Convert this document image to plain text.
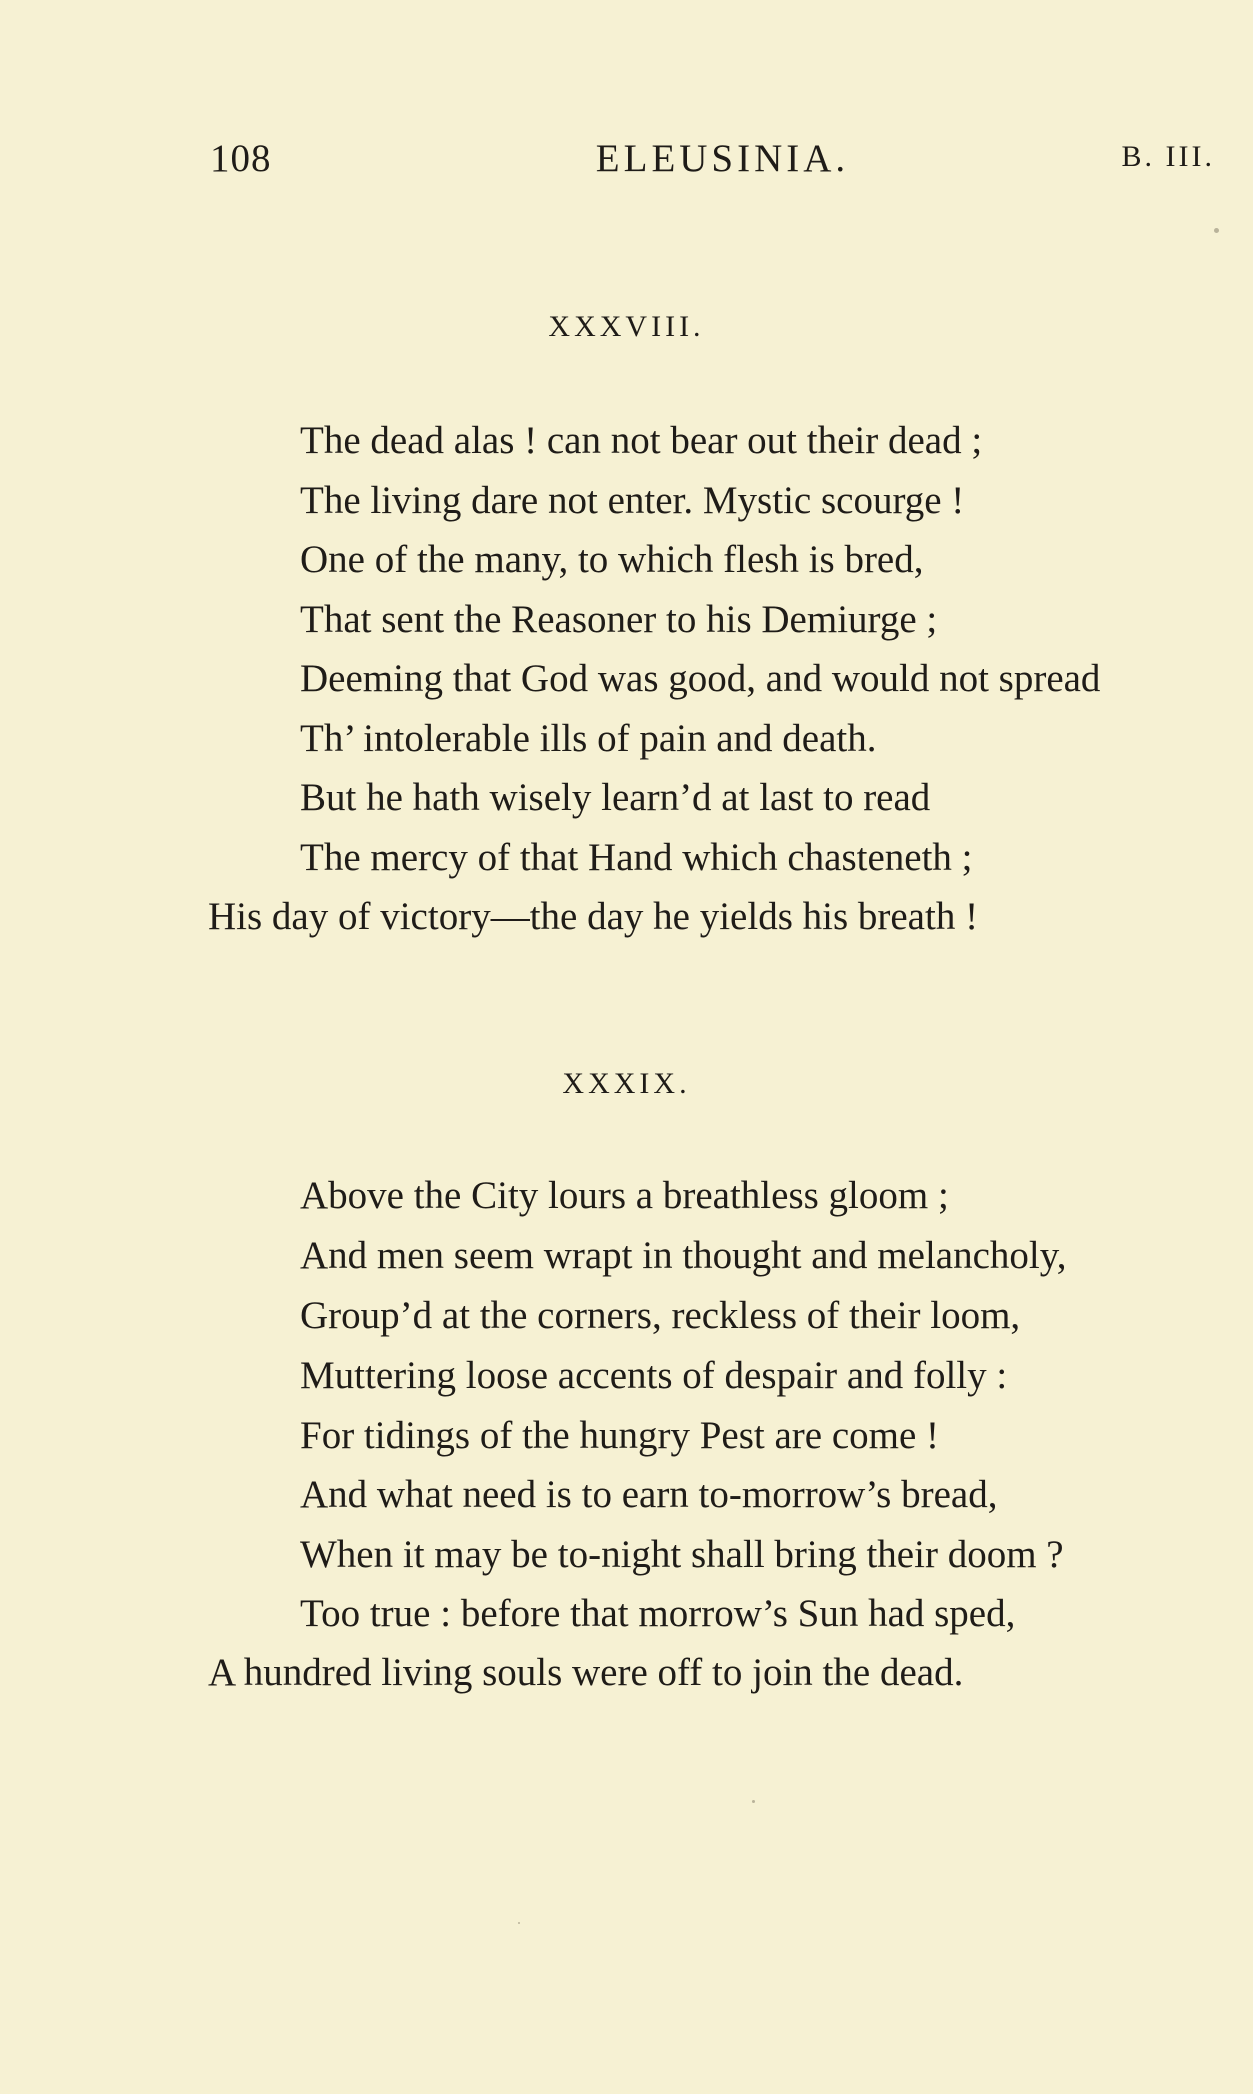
108	ELEUSINIA.	B. III.
XXXVIII.
The dead alas ! can not bear out their dead ;
The living dare not enter. Mystic scourge !
One of the many, to which flesh is bred,
That sent the Reasoner to his Demiurge ;
Deeming that God was good, and would not spread
Th’ intolerable ills of pain and death.
But he hath wisely learn’d at last to read
The mercy of that Hand which chasteneth ;
His day of victory—the day he yields his breath !
XXXIX.
Above the City lours a breathless gloom ;
And men seem wrapt in thought and melancholy,
Group’d at the corners, reckless of their loom,
Muttering loose accents of despair and folly :
For tidings of the hungry Pest are come !
And what need is to earn to-morrow’s bread,
When it may be to-night shall bring their doom ?
Too true : before that morrow’s Sun had sped,
A hundred living souls were off to join the dead.
